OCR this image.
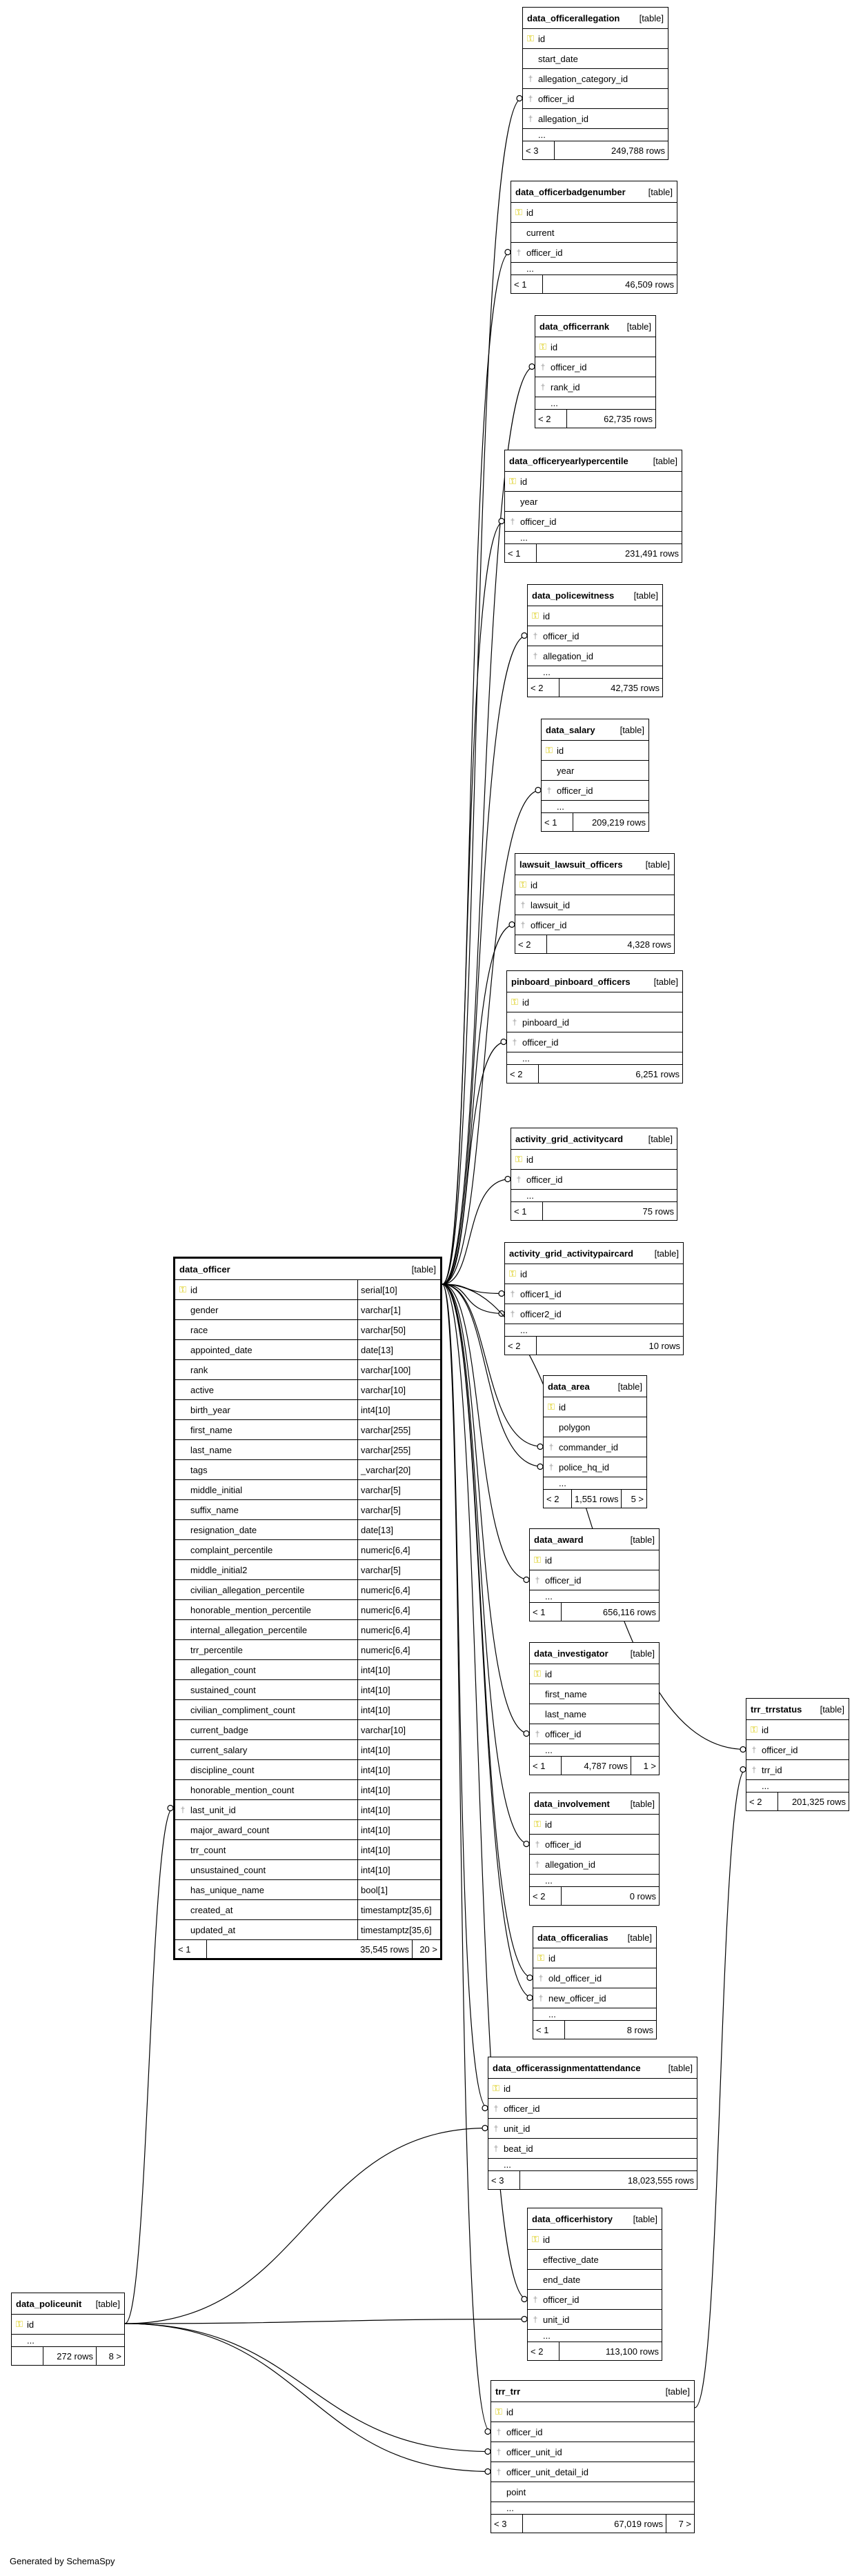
data_officerallegation	[table]
⚿ id
start_date
† allegation_category_id
† officer_id
† allegation_id
...
< 3	249,788 rows
data_officerbadgenumber	[table]
⚿ id
current
† officer_id
...
< 1	46,509 rows
data_officerrank	[table]
⚿ id
† officer_id
† rank_id
...
< 2	62,735 rows
data_officeryearlypercentile	[table]
⚿ id
year
† officer_id
...
< 1	231,491 rows
data_policewitness	[table]
⚿ id
† officer_id
† allegation_id
...
< 2	42,735 rows
data_salary	[table]
⚿ id
year
† officer_id
...
< 1	209,219 rows
lawsuit_lawsuit_officers	[table]
⚿ id
† lawsuit_id
† officer_id
< 2	4,328 rows
pinboard_pinboard_officers	[table]
⚿ id
† pinboard_id
† officer_id
...
< 2	6,251 rows
activity_grid_activitycard	[table]
⚿ id
† officer_id
...
< 1	75 rows
activity_grid_activitypaircard	[table]
⚿ id
† officer1_id
† officer2_id
...
< 2	10 rows
data_area	[table]
⚿ id
polygon
† commander_id
† police_hq_id
...
< 2	1,551 rows	5 >
data_award	[table]
⚿ id
† officer_id
...
< 1	656,116 rows
data_investigator	[table]
⚿ id
first_name
last_name
† officer_id
...
< 1	4,787 rows	1 >
data_involvement	[table]
⚿ id
† officer_id
† allegation_id
...
< 2	0 rows
data_officeralias	[table]
⚿ id
† old_officer_id
† new_officer_id
...
< 1	8 rows
data_officerassignmentattendance	[table]
⚿ id
† officer_id
† unit_id
† beat_id
...
< 3	18,023,555 rows
data_officerhistory	[table]
⚿ id
effective_date
end_date
† officer_id
† unit_id
...
< 2	113,100 rows
trr_trr	[table]
⚿ id
† officer_id
† officer_unit_id
† officer_unit_detail_id
point
...
< 3	67,019 rows	7 >
trr_trrstatus	[table]
⚿ id
† officer_id
† trr_id
...
< 2	201,325 rows
data_policeunit	[table]
⚿ id
...
272 rows	8 >
data_officer	[table]
⚿ id	serial[10]
gender	varchar[1]
race	varchar[50]
appointed_date	date[13]
rank	varchar[100]
active	varchar[10]
birth_year	int4[10]
first_name	varchar[255]
last_name	varchar[255]
tags	_varchar[20]
middle_initial	varchar[5]
suffix_name	varchar[5]
resignation_date	date[13]
complaint_percentile	numeric[6,4]
middle_initial2	varchar[5]
civilian_allegation_percentile	numeric[6,4]
honorable_mention_percentile	numeric[6,4]
internal_allegation_percentile	numeric[6,4]
trr_percentile	numeric[6,4]
allegation_count	int4[10]
sustained_count	int4[10]
civilian_compliment_count	int4[10]
current_badge	varchar[10]
current_salary	int4[10]
discipline_count	int4[10]
honorable_mention_count	int4[10]
† last_unit_id	int4[10]
major_award_count	int4[10]
trr_count	int4[10]
unsustained_count	int4[10]
has_unique_name	bool[1]
created_at	timestamptz[35,6]
updated_at	timestamptz[35,6]
< 1	35,545 rows	20 >
Generated by SchemaSpy
